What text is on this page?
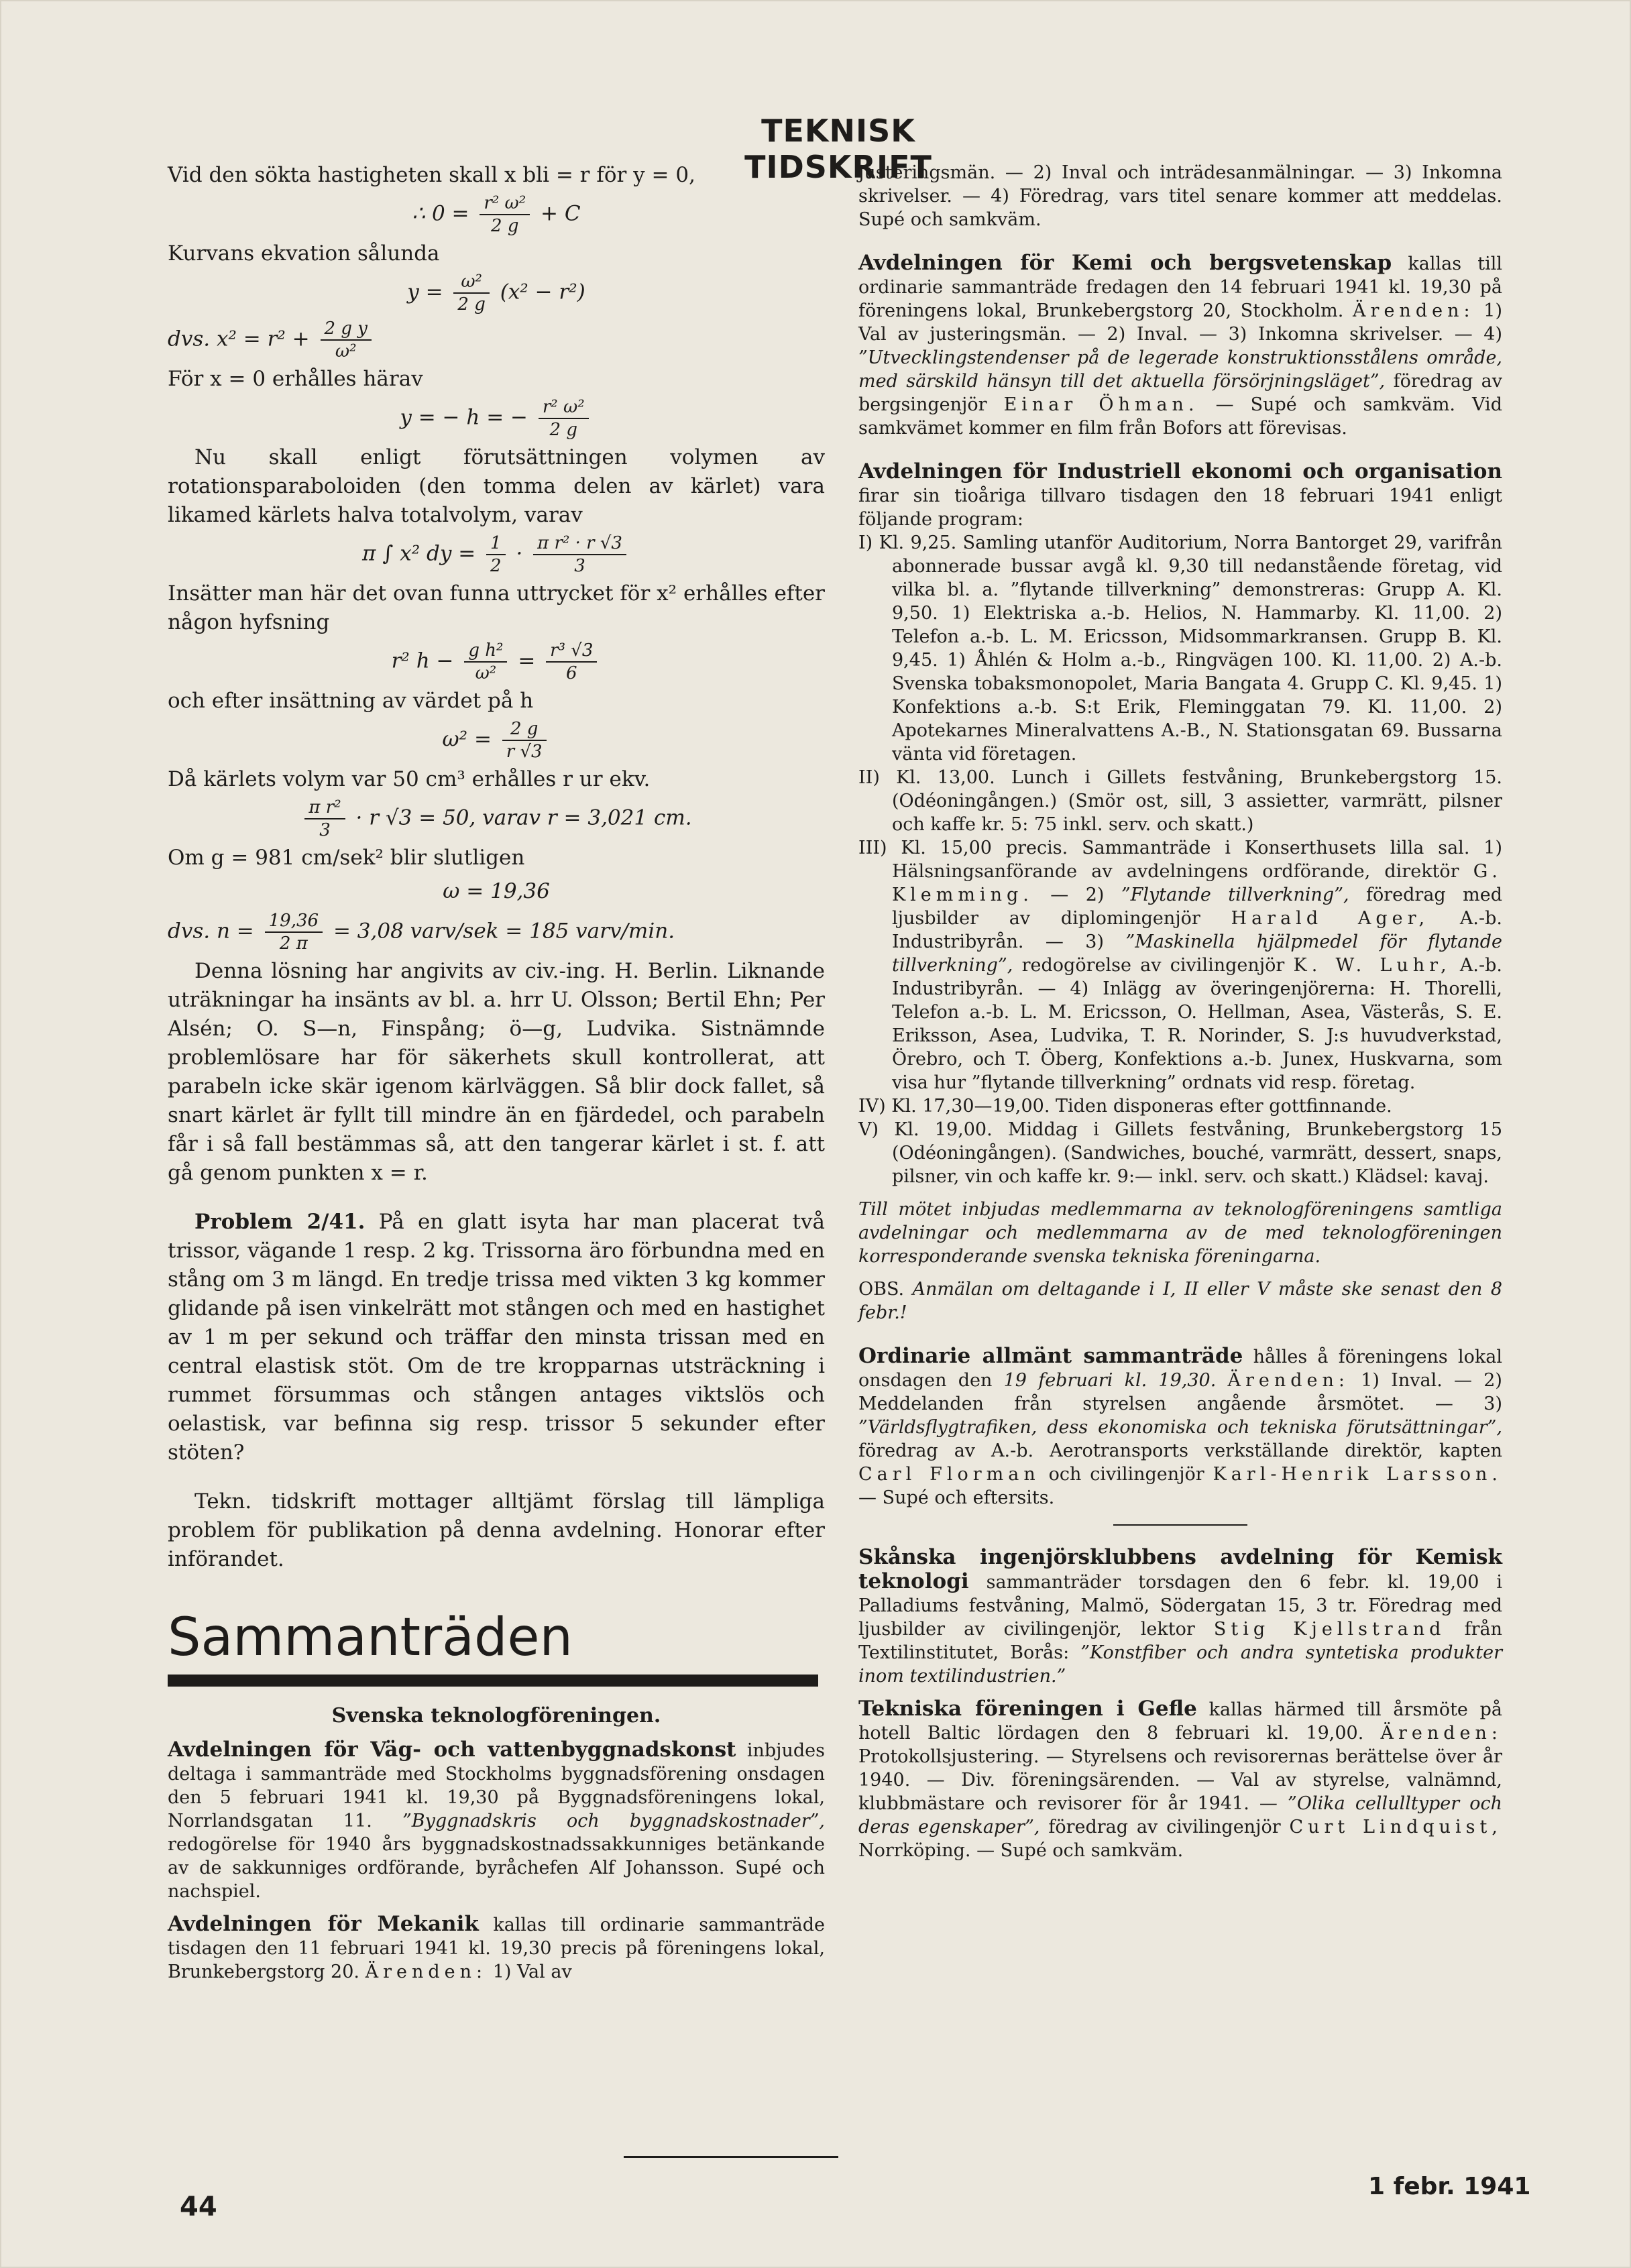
TEKNISK TIDSKRIFT

Vid den sökta hastigheten skall x bli = r för y = 0,

∴ $0 = \frac{\text{r² ω²}}{2 g} + C$

Kurvans ekvation sålunda

$y = \frac{\text{ω²}}{2 g} (x^2 - r^2)$
dvs. $x^2 = r^2 + \frac{\text{2 g y}}{\text{ω²}}$

För x = 0 erhålles härav

y = − h = − $\frac{\text{r² ω²}}{2 g}$

Nu skall enligt förutsättningen volymen av rotationsparaboloiden (den tomma delen av kärlet) vara likamed kärlets halva totalvolym, varav

π ∫ x² dy = $\frac{1}{2} \cdot \frac{\text{π r² · r √3}}{3}$

Insätter man här det ovan funna uttrycket för x² erhålles efter någon hyfsning

r² $h - \frac{\text{g h²}}{\text{ω²}} = \frac{\text{r³ √3}}{6}$

och efter insättning av värdet på h

$\omega^2 = \frac{2 g}{r √3}$

Då kärlets volym var 50 cm³ erhålles r ur ekv.

$\frac{\text{π r²}}{3} \cdot r$ √3 = 50, varav r = 3,021 cm.

Om g = 981 cm/sek² blir slutligen

ω = 19,36
dvs. $n = \frac{19,36}{2 \pi} = 3,08$ varv/sek = 185 varv/min.

Denna lösning har angivits av civ.-ing. H. Berlin. Liknande uträkningar ha insänts av bl. a. hrr U. Olsson; Bertil Ehn; Per Alsén; O. S—n, Finspång; ö—g, Ludvika. Sistnämnde problemlösare har för säkerhets skull kontrollerat, att parabeln icke skär igenom kärlväggen. Så blir dock fallet, så snart kärlet är fyllt till mindre än en fjärdedel, och parabeln får i så fall bestämmas så, att den tangerar kärlet i st. f. att gå genom punkten x = r.

Problem 2/41. På en glatt isyta har man placerat två trissor, vägande 1 resp. 2 kg. Trissorna äro förbundna med en stång om 3 m längd. En tredje trissa med vikten 3 kg kommer glidande på isen vinkelrätt mot stången och med en hastighet av 1 m per sekund och träffar den minsta trissan med en central elastisk stöt. Om de tre kropparnas utsträckning i rummet försummas och stången antages viktslös och oelastisk, var befinna sig resp. trissor 5 sekunder efter stöten?

Tekn. tidskrift mottager alltjämt förslag till lämpliga problem för publikation på denna avdelning. Honorar efter införandet.

Sammanträden

Svenska teknologföreningen.

Avdelningen för Väg- och vattenbyggnadskonst inbjudes deltaga i sammanträde med Stockholms byggnadsförening onsdagen den 5 februari 1941 kl. 19,30 på Byggnadsföreningens lokal, Norrlandsgatan 11. ”Byggnadskris och byggnadskostnader”, redogörelse för 1940 års byggnadskostnadssakkunniges betänkande av de sakkunniges ordförande, byråchefen Alf Johansson. Supé och nachspiel.

Avdelningen för Mekanik kallas till ordinarie sammanträde tisdagen den 11 februari 1941 kl. 19,30 precis på föreningens lokal, Brunkebergstorg 20. Ärenden: 1) Val av

justeringsmän. — 2) Inval och inträdesanmälningar. — 3) Inkomna skrivelser. — 4) Föredrag, vars titel senare kommer att meddelas. Supé och samkväm.

Avdelningen för Kemi och bergsvetenskap kallas till ordinarie sammanträde fredagen den 14 februari 1941 kl. 19,30 på föreningens lokal, Brunkebergstorg 20, Stockholm. Ärenden: 1) Val av justeringsmän. — 2) Inval. — 3) Inkomna skrivelser. — 4) ”Utvecklingstendenser på de legerade konstruktionsstålens område, med särskild hänsyn till det aktuella försörjningsläget”, föredrag av bergsingenjör Einar Öhman. — Supé och samkväm. Vid samkvämet kommer en film från Bofors att förevisas.

Avdelningen för Industriell ekonomi och organisation firar sin tioåriga tillvaro tisdagen den 18 februari 1941 enligt följande program:

I) Kl. 9,25. Samling utanför Auditorium, Norra Bantorget 29, varifrån abonnerade bussar avgå kl. 9,30 till nedanstående företag, vid vilka bl. a. ”flytande tillverkning” demonstreras: Grupp A. Kl. 9,50. 1) Elektriska a.-b. Helios, N. Hammarby. Kl. 11,00. 2) Telefon a.-b. L. M. Ericsson, Midsommarkransen. Grupp B. Kl. 9,45. 1) Åhlén & Holm a.-b., Ringvägen 100. Kl. 11,00. 2) A.-b. Svenska tobaksmonopolet, Maria Bangata 4. Grupp C. Kl. 9,45. 1) Konfektions a.-b. S:t Erik, Fleminggatan 79. Kl. 11,00. 2) Apotekarnes Mineralvattens A.-B., N. Stationsgatan 69. Bussarna vänta vid företagen.

II) Kl. 13,00. Lunch i Gillets festvåning, Brunkebergstorg 15. (Odéoningången.) (Smör ost, sill, 3 assietter, varmrätt, pilsner och kaffe kr. 5: 75 inkl. serv. och skatt.)

III) Kl. 15,00 precis. Sammanträde i Konserthusets lilla sal. 1) Hälsningsanförande av avdelningens ordförande, direktör G. Klemming. — 2) ”Flytande tillverkning”, föredrag med ljusbilder av diplomingenjör Harald Ager, A.-b. Industribyrån. — 3) ”Maskinella hjälpmedel för flytande tillverkning”, redogörelse av civilingenjör K. W. Luhr, A.-b. Industribyrån. — 4) Inlägg av överingenjörerna: H. Thorelli, Telefon a.-b. L. M. Ericsson, O. Hellman, Asea, Västerås, S. E. Eriksson, Asea, Ludvika, T. R. Norinder, S. J:s huvudverkstad, Örebro, och T. Öberg, Konfektions a.-b. Junex, Huskvarna, som visa hur ”flytande tillverkning” ordnats vid resp. företag.

IV) Kl. 17,30—19,00. Tiden disponeras efter gottfinnande.

V) Kl. 19,00. Middag i Gillets festvåning, Brunkebergstorg 15 (Odéoningången). (Sandwiches, bouché, varmrätt, dessert, snaps, pilsner, vin och kaffe kr. 9:— inkl. serv. och skatt.) Klädsel: kavaj.

Till mötet inbjudas medlemmarna av teknologföreningens samtliga avdelningar och medlemmarna av de med teknologföreningen korresponderande svenska tekniska föreningarna.

OBS. Anmälan om deltagande i I, II eller V måste ske senast den 8 febr.!

Ordinarie allmänt sammanträde hålles å föreningens lokal onsdagen den 19 februari kl. 19,30. Ärenden: 1) Inval. — 2) Meddelanden från styrelsen angående årsmötet. — 3) ”Världsflygtrafiken, dess ekonomiska och tekniska förutsättningar”, föredrag av A.-b. Aerotransports verkställande direktör, kapten Carl Florman och civilingenjör Karl-Henrik Larsson. — Supé och eftersits.

Skånska ingenjörsklubbens avdelning för Kemisk teknologi sammanträder torsdagen den 6 febr. kl. 19,00 i Palladiums festvåning, Malmö, Södergatan 15, 3 tr. Föredrag med ljusbilder av civilingenjör, lektor Stig Kjellstrand från Textilinstitutet, Borås: ”Konstfiber och andra syntetiska produkter inom textilindustrien.”

Tekniska föreningen i Gefle kallas härmed till årsmöte på hotell Baltic lördagen den 8 februari kl. 19,00. Ärenden: Protokollsjustering. — Styrelsens och revisorernas berättelse över år 1940. — Div. föreningsärenden. — Val av styrelse, valnämnd, klubbmästare och revisorer för år 1941. — ”Olika cellulltyper och deras egenskaper”, föredrag av civilingenjör Curt Lindquist, Norrköping. — Supé och samkväm.

44
1 febr. 1941
